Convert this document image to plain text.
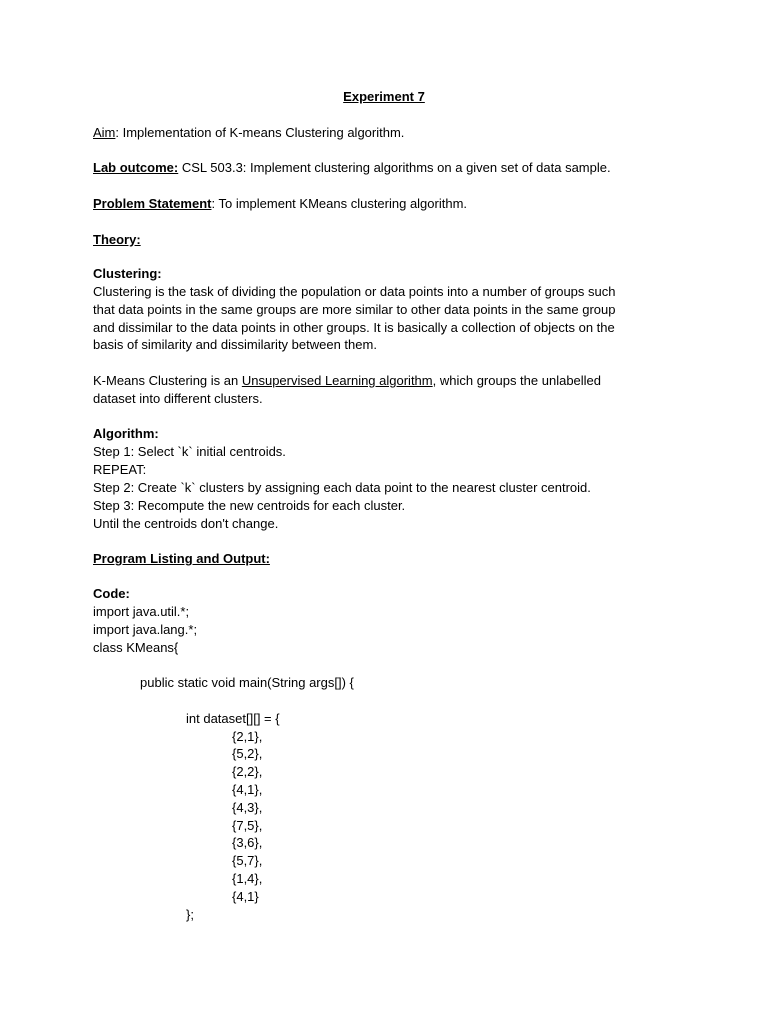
Experiment 7
Aim: Implementation of K-means Clustering algorithm.
Lab outcome: CSL 503.3: Implement clustering algorithms on a given set of data sample.
Problem Statement: To implement KMeans clustering algorithm.
Theory:
Clustering:
Clustering is the task of dividing the population or data points into a number of groups such
that data points in the same groups are more similar to other data points in the same group
and dissimilar to the data points in other groups. It is basically a collection of objects on the
basis of similarity and dissimilarity between them.
K-Means Clustering is an Unsupervised Learning algorithm, which groups the unlabelled
dataset into different clusters.
Algorithm:
Step 1: Select `k` initial centroids.
REPEAT:
Step 2: Create `k` clusters by assigning each data point to the nearest cluster centroid.
Step 3: Recompute the new centroids for each cluster.
Until the centroids don't change.
Program Listing and Output:
Code:
import java.util.*;
import java.lang.*;
class KMeans{
public static void main(String args[]) {
int dataset[][] = {
{2,1},
{5,2},
{2,2},
{4,1},
{4,3},
{7,5},
{3,6},
{5,7},
{1,4},
{4,1}
};
